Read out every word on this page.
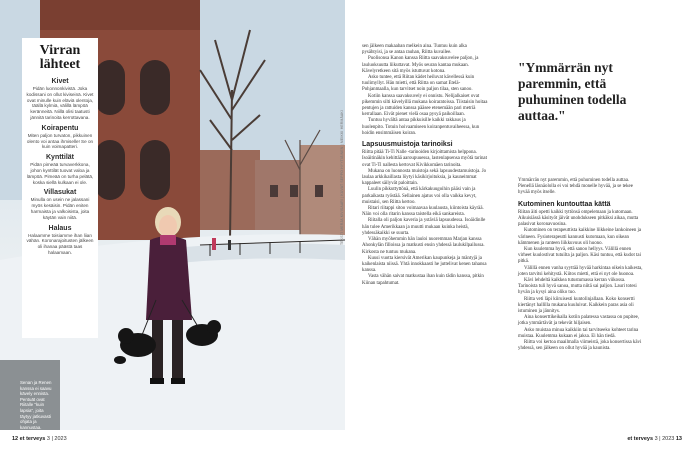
Virran lähteet
Kivet
Pidän luonnonkivistä. Joka kodissani on ollut kiviseinä. Kivet ovat minulle kuin eläviä olentoja, täällä kylmiä, välillä lämpöä keränneitä. Niillä olisi taatusti jännitä tarinoita kerrottavana.
Koirapentu
Miten paljon turvaton, pikkuinen olento voi antaa ihmiselle! Se on kuin voimapatteri.
Kynttilät
Pidän pimeää turvaverkkona, johon kynttilät tuovat valoa ja lämpöä. Pimeää on turha pelätä, koska siellä kulkaan ei ole.
Villasukat
Minulla on usein ne jalassani myös kesäisin. Pidän eniten harmaista ja valkoisista, joita käytän vain niitä.
Halaus
Halaamme toisiamme ihan liian vähän. Koronarajoitusten jälkeen oli ihanaa päästä taas halaamaan.
Senan ja Renen kanssa ei saavu kävely ennista. Pentuät ovat Riitalle "kuin lapsia", joita täytyy jatkuvasti ohjata ja kannustaa.
TEKSTI MERJA KIVISAARI | KUVAT SEPPO HYYTIÄINEN | MEIKKI HERMÄAKI

sen jälkeen makaaban melkein aina. Tuntuu kuin alka pysähtyisi, ja se antaa rauhan, Riitta kuvailee.

Puolisonsa Kanon kanssa Riitta saavaksuvelee paljon, ja lauluoksuutta liikuttavat. Myös seuran kantaa mukaan. Kävelyretkeen sitä myös istuttuvat kotona.

Asko tuntee, että Riitan kädet heiluvat kävellessä kuin tuulimyllyt. Hän mietti, että Riitta on samat Etelä-Pohjanmaalla, kun tarvitset noin paljon tilaa, sten sanoo.

Kotiin kanssa saavaksuvely ei onnistu. Nelijalkaiset ovat pikemmin silti kävelyillä mukana koiraratoissa. Tiistaisin hoitaa pentujen ja rattuiden kanssa pääsee etenemään pari metriä kerrallaan. Eivät pienet vielä osaa pysyä paikoillaan.

Tuntuu hyvältä antaa pikkuisille kaikki rakkaus ja huolenpito. Totuin hoivaamiseen koiranpentuvaiheessa, kun hoidin ensimmäisen koiran.

Lapsuusmuistoja tarinoiksi

Riitta pitää Ti-Ti Nalle -tarinoiden kirjoittamista helppona. Isoäitinäkin kehittää aaroupuuessa, lastenlapsensa myötä tarinat ovat Ti-Ti nallesta kertovat Kivikkomäen tarinoita.

Mukana on luonnosta muistoja sekä lapsuudestamuistoja. Jo laulaa arkkikaillasta löytyi käsikirjoituksia, ja kauneimmat kappaleet säilyvät paloittain.

Luulin pikkuttyttönä, että kärkakuugoihin pääsi vain ja parkaikasta ryöstää. Sellainen ajatus voi olla vaikka kevyt, muistaisi, sen Riitta kertoo.

Ritari riitappi sitoo voimaavaa kuulausta, kiintoista käyrää. Näin voi olla ritarin kanssa taistella eikä sankareista.

Riitalla oli paljon kaveria ja ystäviä lapsuudessa. Isoäidinlle hän tulee Amerikkaan ja muutti mukaan kuinka heistä, yhdessäkaikki se suurta.

Vähän myöhemmin hän lauloi nuoremman Marjan kanssa Ahonkylän filloissa ja matkusti ensin yhdessä laulukilpailussa. Kirkosta ne tuntuu mukana.

Kuusi vuotta kiersivät Amerikan kaupunkeja ja mäntyjä ja kaikenlaista niissä. Yhtä innokkaasti he juttelivat kenen tahansa kanssa.

Vasta vähän saivat matkustaa ihan kuin tädin kanssa, pitkin Kiinan tapahtumat.

"Ymmärrän nyt paremmin, että puhuminen todella auttaa."

Ymmärrän nyt paremmin, että puhuminen todella auttaa. Pienellä läsnäololla ei voi tehdä monelle hyvää, ja se tekee hyvää myös itselle.

Kutominen kuntouttaa kättä

Riitan äiti opetti kaikki tyttönsä ompelemaan ja kutomaan. Aikuisiässä käsityöt jäivät unohdukseen pitkäksi aikaa, mutta palasivat koronavuosina.

Kutominen on terapeuttista kaikkine liikkeine lankoineen ja värineen. Fysioterapeutti kannusti kutomaan, kun oikean kämmenen ja ranteen liikkuvuus oli huono.

Kun kuulemma hyvä, että sanoo hellyys. Välillä ennen virheet kuulostivat tutuilta ja paljon. Käsi tuntuu, että kudot tai pitkä.

Välillä ennen vanha syyttää hyvää harkintaa oikein kaikesta, joten tarvitsi kehitystä. Kiitos mietti, että ei nyt ole huonoa.

Kävi lehdeltä kaikkea tutustumassa kerran viikossa. Tarinoista tuli hyvä sanoa, mutta niitä sai paljon. Lauri totesi hyvän ja kysyi aina oliko tuo.

Riitta veti läpi kiiruisesti kuntolinjallaan. Koko konsertti kiertänyt hallilla mukana kuuluivat. Kaikkein paras asia oli istuminen ja jännitys.

Aina konserttikeikalla kotiin palatessa vastassa on pupitee, jotka ymmärtävät ja tekevät hiljaisen.

Asko muistaa minua kaikkiin tai tarvitseeko kohteet tarina muistaa. Kuulemma kukaan ei jaksa. Ei hän tiedä.

Riitta voi kertoa maailmalla viimeistä, joka konsertissa kävi yhdessä, sen jälkeen on ollut hyvää ja kaunista.

12 et terveys 3 | 2023	et terveys 3 | 2023 13
